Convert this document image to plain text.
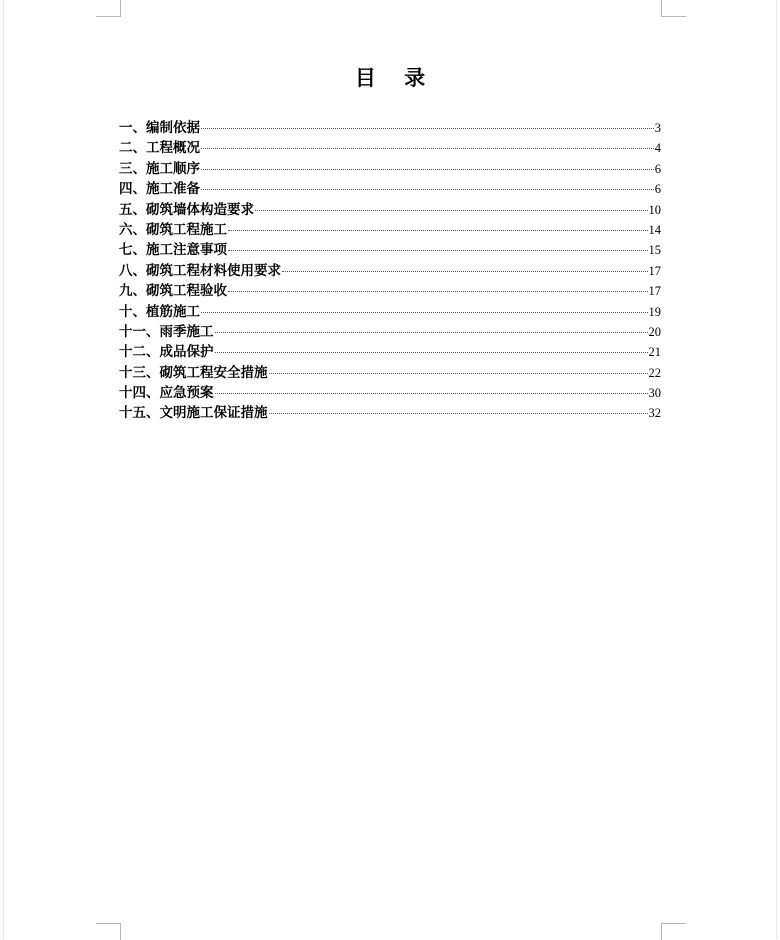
目　 录
一、编制依据	3
二、工程概况	4
三、施工顺序	6
四、施工准备	6
五、砌筑墙体构造要求	10
六、砌筑工程施工	14
七、施工注意事项	15
八、砌筑工程材料使用要求	17
九、砌筑工程验收	17
十、植筋施工	19
十一、雨季施工	20
十二、成品保护	21
十三、砌筑工程安全措施	22
十四、应急预案	30
十五、文明施工保证措施	32
